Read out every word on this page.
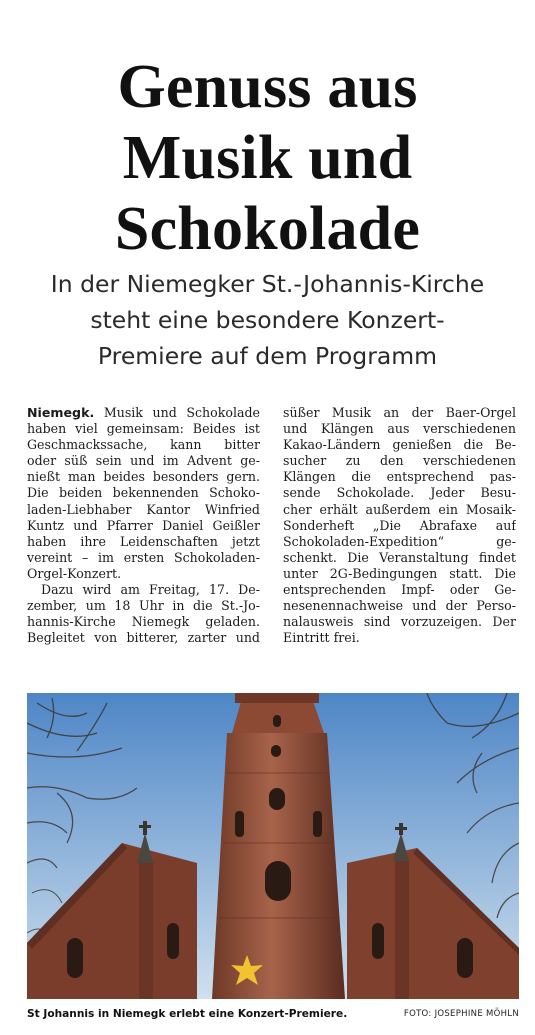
Genuss aus
Musik und
Schokolade
In der Niemegker St.-Johannis-Kirche
steht eine besondere Konzert-
Premiere auf dem Programm
Niemegk. Musik und Schokolade
haben viel gemeinsam: Beides ist
Geschmackssache, kann bitter
oder süß sein und im Advent ge-
nießt man beides besonders gern.
Die beiden bekennenden Schoko-
laden-Liebhaber Kantor Winfried
Kuntz und Pfarrer Daniel Geißler
haben ihre Leidenschaften jetzt
vereint – im ersten Schokoladen-
Orgel-Konzert.
Dazu wird am Freitag, 17. De-
zember, um 18 Uhr in die St.-Jo-
hannis-Kirche Niemegk geladen.
Begleitet von bitterer, zarter und
süßer Musik an der Baer-Orgel
und Klängen aus verschiedenen
Kakao-Ländern genießen die Be-
sucher zu den verschiedenen
Klängen die entsprechend pas-
sende Schokolade. Jeder Besu-
cher erhält außerdem ein Mosaik-
Sonderheft „Die Abrafaxe auf
Schokoladen-Expedition“ ge-
schenkt. Die Veranstaltung findet
unter 2G-Bedingungen statt. Die
entsprechenden Impf- oder Ge-
nesenennachweise und der Perso-
nalausweis sind vorzuzeigen. Der
Eintritt frei.
St Johannis in Niemegk erlebt eine Konzert-Premiere.	FOTO: JOSEPHINE MÖHLN
